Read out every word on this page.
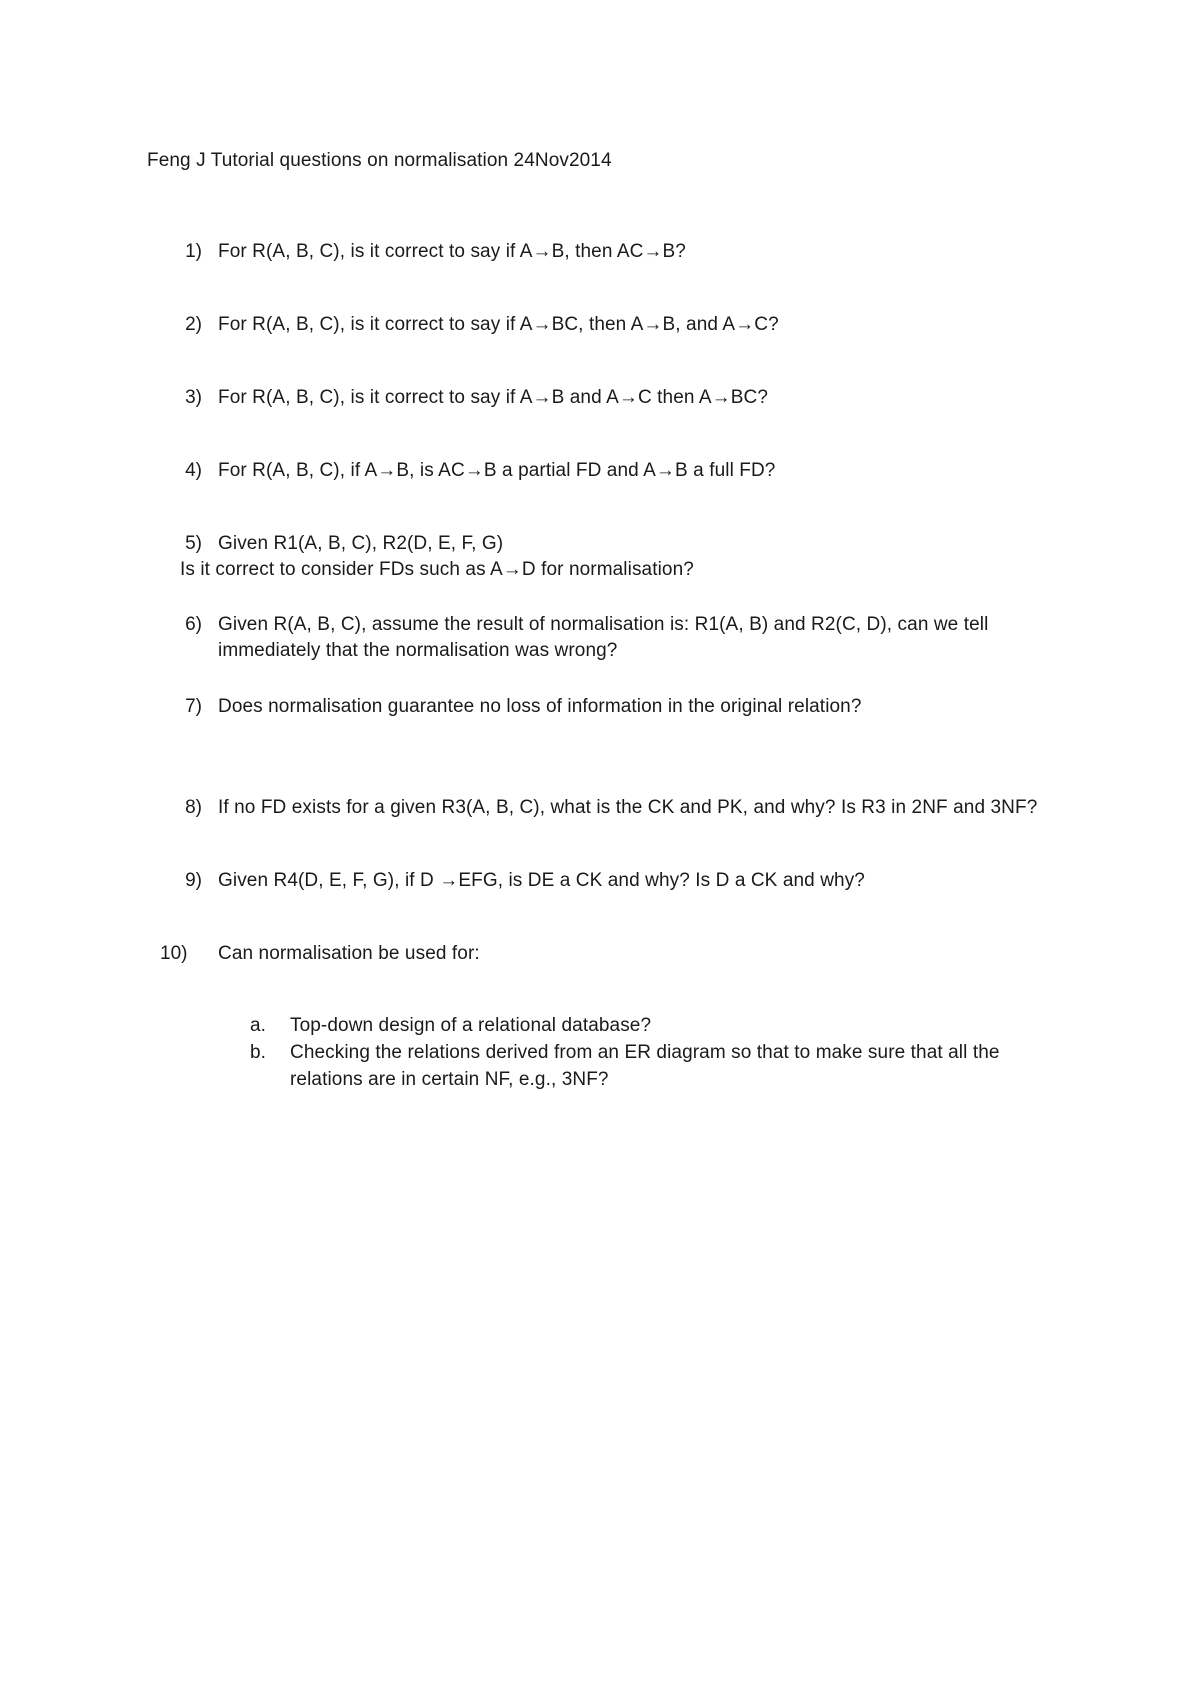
Feng J Tutorial questions on normalisation 24Nov2014
1) For R(A, B, C), is it correct to say if A→B, then AC→B?
2) For R(A, B, C), is it correct to say if A→BC, then A→B, and A→C?
3) For R(A, B, C), is it correct to say if A→B and A→C then A→BC?
4) For R(A, B, C), if A→B, is AC→B a partial FD and A→B a full FD?
5) Given R1(A, B, C), R2(D, E, F, G)
Is it correct to consider FDs such as A→D for normalisation?
6) Given R(A, B, C), assume the result of normalisation is: R1(A, B) and R2(C, D), can we tell
immediately that the normalisation was wrong?
7) Does normalisation guarantee no loss of information in the original relation?
8) If no FD exists for a given R3(A, B, C), what is the CK and PK, and why? Is R3 in 2NF and 3NF?
9) Given R4(D, E, F, G), if D →EFG, is DE a CK and why? Is D a CK and why?
10)	Can normalisation be used for:
a.	Top-down design of a relational database?
b.	Checking the relations derived from an ER diagram so that to make sure that all the
relations are in certain NF, e.g., 3NF?
